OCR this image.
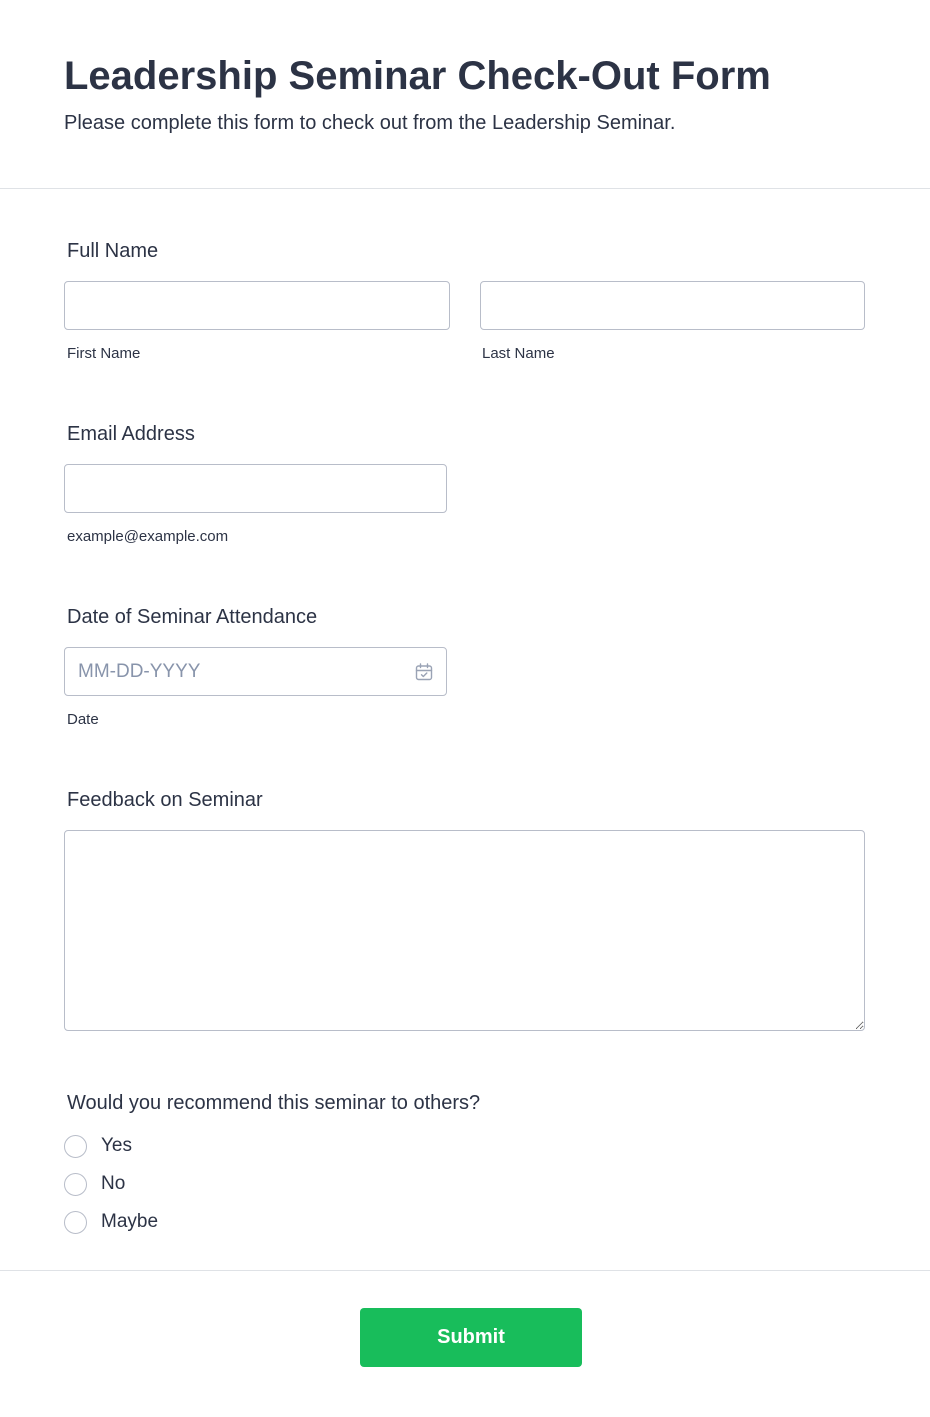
Leadership Seminar Check-Out Form

Please complete this form to check out from the Leadership Seminar.

Full Name
First Name	Last Name
Email Address
example@example.com
Date of Seminar Attendance
MM-DD-YYYY
Date
Feedback on Seminar
Would you recommend this seminar to others?
Yes
No
Maybe
Submit
